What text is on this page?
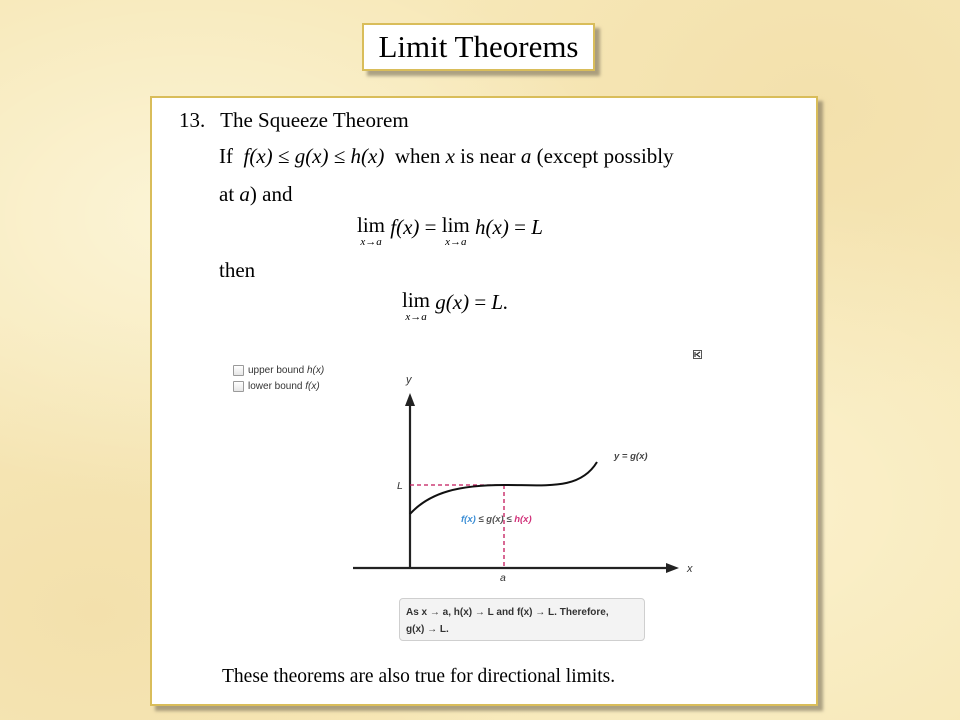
Limit Theorems
13. The Squeeze Theorem
If f(x) ≤ g(x) ≤ h(x) when x is near a (except possibly
at a) and
lim
x→a
f(x) = lim
x→a
h(x) = L
then
lim
x→a
g(x) = L.
upper bound
h(x)
lower bound
f(x)
y
x
L
a
f(x) ≤ g(x) ≤ h(x)
y = g(x)
As x → a, h(x) → L and f(x) → L. Therefore,
g(x) → L.
These theorems are also true for directional limits.
